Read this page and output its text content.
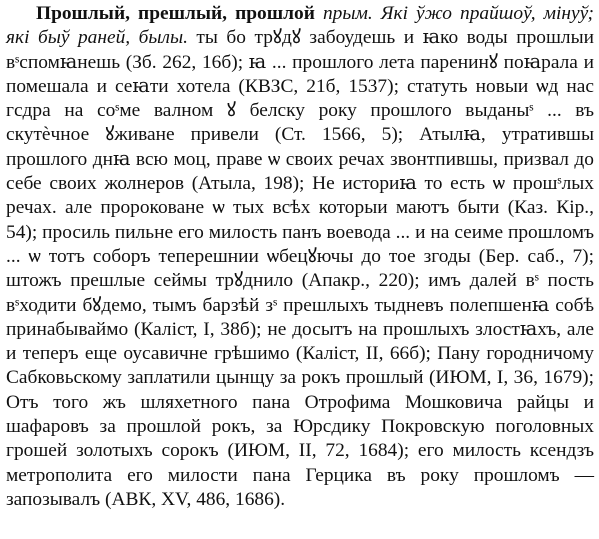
Прошлый, прешлый, прошлой прым. Які ўжо прайшоў, мінуў; які быў раней, былы. ты бо трꙋдꙋ забоудешь и ꙗко воды прошлыи вˢспомꙗнешь (Зб. 262, 16б); ꙗ ... прошлого лета паренинꙋ поꙗрала и помешала и сеꙗти хотела (КВЗС, 21б, 1537); статуть новыи ѡд нас гсдра на соˢме валном ꙋ белску року прошлого выданыˢ ... въ скутѐчное ꙋживане привели (Ст. 1566, 5); Атылꙗ, утратившы прошлого днꙗ всю моц, праве ѡ своих речах звонтпившы, призвал до себе своих жолнеров (Атыла, 198); Не историꙗ то есть ѡ прошˢлых речах. але пророковане ѡ тых всѣх которыи маютъ быти (Каз. Кір., 54); просиль пильне его милость панъ воевода ... и на сеиме прошломъ ... ѡ тотъ соборъ теперешнии ѡбецꙋючы до тое згоды (Бер. саб., 7); штожъ прешлые сеймы трꙋднило (Апакр., 220); имъ далей вˢ пость вˢходити бꙋдемо, тымъ барзѣй зˢ прешлыхъ тыдневъ полепшенꙗ собѣ принабываймо (Каліст, I, 38б); не досытъ на прошлыхъ злостꙗхъ, але и теперъ еще оусавичне грѣшимо (Каліст, II, 66б); Пану городничому Сабковьскому заплатили цынщу за рокъ прошлый (ИЮМ, I, 36, 1679); Отъ того жъ шляхетного пана Отрофима Мошковича райцы и шафаровъ за прошлой рокъ, за Юрсдику Покровскую поголовных грошей золотыхъ сорокъ (ИЮМ, II, 72, 1684); его милость ксендзъ метрополита его милости пана Герцика въ року прошломъ — запозывалъ (АВК, XV, 486, 1686).
